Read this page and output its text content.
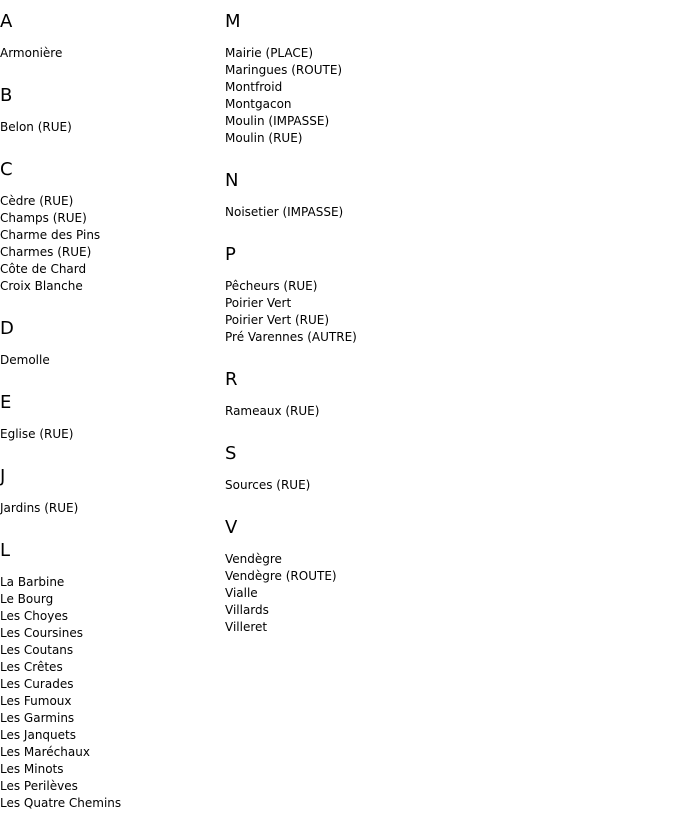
A
Armonière
B
Belon (RUE)
C
Cèdre (RUE)
Champs (RUE)
Charme des Pins
Charmes (RUE)
Côte de Chard
Croix Blanche
D
Demolle
E
Eglise (RUE)
J
Jardins (RUE)
L
La Barbine
Le Bourg
Les Choyes
Les Coursines
Les Coutans
Les Crêtes
Les Curades
Les Fumoux
Les Garmins
Les Janquets
Les Maréchaux
Les Minots
Les Perilèves
Les Quatre Chemins
M
Mairie (PLACE)
Maringues (ROUTE)
Montfroid
Montgacon
Moulin (IMPASSE)
Moulin (RUE)
N
Noisetier (IMPASSE)
P
Pêcheurs (RUE)
Poirier Vert
Poirier Vert (RUE)
Pré Varennes (AUTRE)
R
Rameaux (RUE)
S
Sources (RUE)
V
Vendègre
Vendègre (ROUTE)
Vialle
Villards
Villeret
